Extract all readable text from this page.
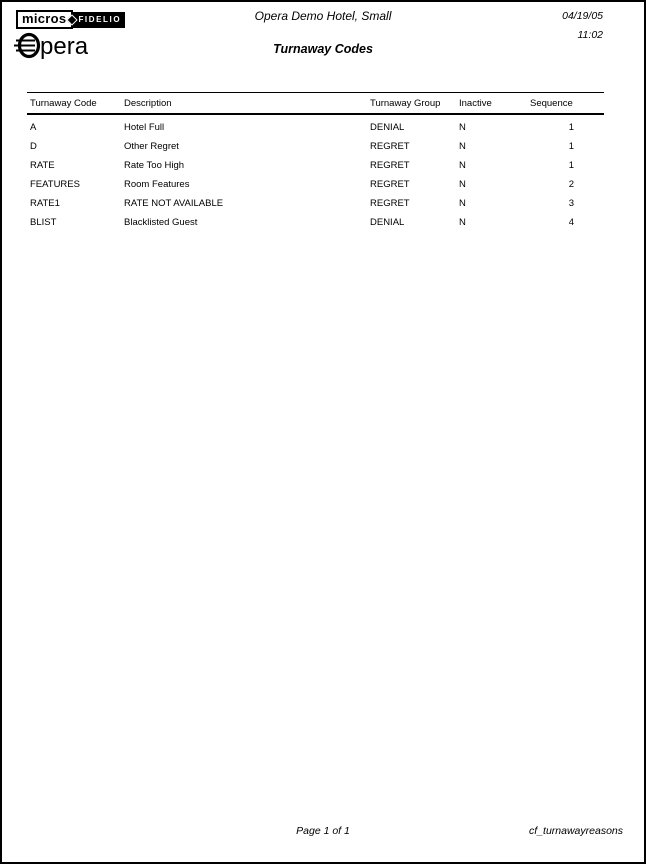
micros	FIDELIO
pera
Opera Demo Hotel, Small
Turnaway Codes
04/19/05
11:02
Turnaway Code	Description	Turnaway Group	Inactive	Sequence
A	Hotel Full	DENIAL	N	1
D	Other Regret	REGRET	N	1
RATE	Rate Too High	REGRET	N	1
FEATURES	Room Features	REGRET	N	2
RATE1	RATE NOT AVAILABLE	REGRET	N	3
BLIST	Blacklisted Guest	DENIAL	N	4
Page 1 of 1	cf_turnawayreasons
